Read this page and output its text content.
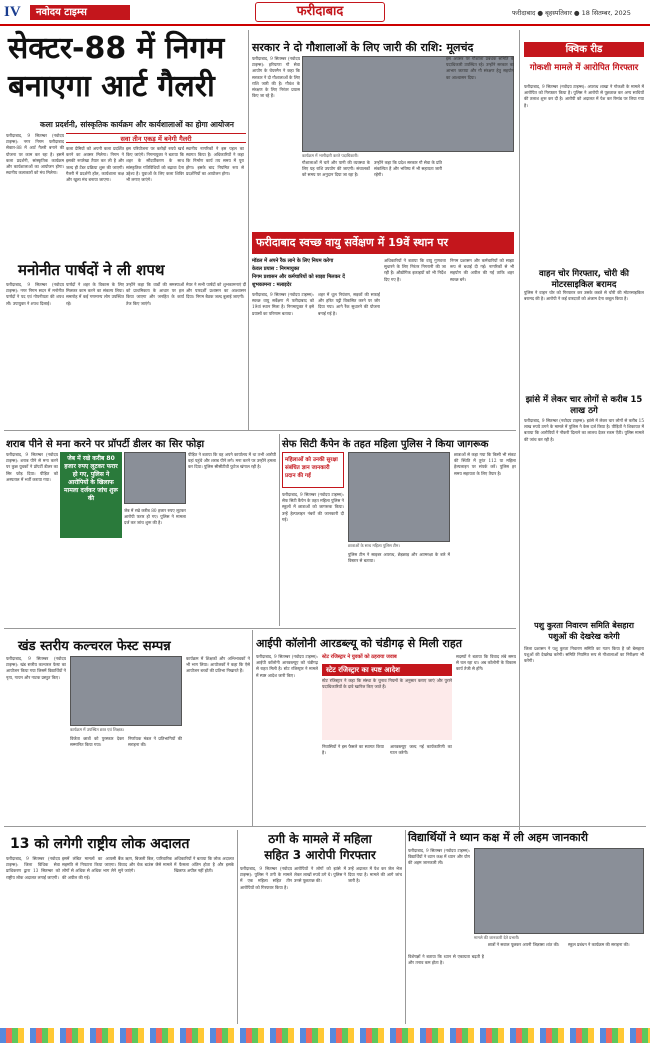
IV	नवोदय टाइम्स	फरीदाबाद	फरीदाबाद ● बृहस्पतिवार ● 18 सितम्बर, 2025
सेक्टर-88 में निगम
बनाएगा आर्ट गैलरी
कला प्रदर्शनी, सांस्कृतिक कार्यक्रम और कार्यशालाओं का होगा आयोजन
फरीदाबाद, 9 सितम्बर (नवोदय टाइम्स): नगर निगम फरीदाबाद सेक्टर-88 में आर्ट गैलरी बनाने की योजना पर काम कर रहा है। इसमें कला प्रदर्शनी, सांस्कृतिक कार्यक्रम और कार्यशालाओं का आयोजन होगा। स्थानीय कलाकारों को मंच मिलेगा।
सवा तीन एकड़ में बनेगी गैलरी
कला प्रेमियों को अपनी कला प्रदर्शित करने का अवसर मिलेगा। निगम ने इसकी रूपरेखा तैयार कर ली है और जल्द ही टेंडर प्रक्रिया शुरू की जाएगी। गैलरी में प्रदर्शनी हॉल, कार्यशाला कक्ष और खुला मंच बनाया जाएगा।
इस परियोजना पर करोड़ों रुपये खर्च किए जाएंगे। निगमायुक्त ने बताया कि शहर के सौंदर्यीकरण के साथ सांस्कृतिक गतिविधियों को बढ़ावा देना उद्देश्य है। युवाओं के लिए कला शिविर भी लगाए जाएंगे।
स्थानीय नागरिकों ने इस पहल का स्वागत किया है। अधिकारियों ने कहा कि निर्माण कार्य तय समय में पूरा होगा। इसके बाद नियमित रूप से प्रदर्शनियों का आयोजन होगा।
सरकार ने दो गौशालाओं के लिए जारी की राशि: मूलचंद
फरीदाबाद, 9 सितम्बर (नवोदय टाइम्स): हरियाणा गौ सेवा आयोग के चेयरमैन ने कहा कि सरकार ने दो गौशालाओं के लिए राशि जारी की है। गौवंश के संरक्षण के लिए निरंतर प्रयास किए जा रहे हैं।
कार्यक्रम में भागीदारी करते पदाधिकारी।
गौशालाओं में चारे और पानी की व्यवस्था के लिए यह राशि उपयोग की जाएगी। संचालकों को समय पर अनुदान दिया जा रहा है।
उन्होंने कहा कि प्रदेश सरकार गौ सेवा के प्रति संकल्पित है और भविष्य में भी सहायता जारी रहेगी।
इस अवसर पर गौशाला प्रबंधक समिति के पदाधिकारी उपस्थित रहे। उन्होंने सरकार का आभार जताया और गौ संरक्षण हेतु सहयोग का आश्वासन दिया।
क्विक रीड
गोकशी मामले में आरोपित गिरफ्तार
फरीदाबाद, 9 सितम्बर (नवोदय टाइम्स): अपराध शाखा ने गोकशी के मामले में आरोपित को गिरफ्तार किया है। पुलिस ने आरोपी से पूछताछ कर अन्य साथियों की तलाश शुरू कर दी है। आरोपी को अदालत में पेश कर रिमांड पर लिया गया है।
वाहन चोर गिरफ्तार, चोरी की मोटरसाइकिल बरामद
पुलिस ने वाहन चोर को गिरफ्तार कर उसके कब्जे से चोरी की मोटरसाइकिल बरामद की है। आरोपी ने कई वारदातों को अंजाम देना कबूल किया है।
झांसे में लेकर चार लोगों से करीब 15 लाख ठगे
फरीदाबाद, 9 सितम्बर (नवोदय टाइम्स): झांसे में लेकर चार लोगों से करीब 15 लाख रुपये ठगने के मामले में पुलिस ने केस दर्ज किया है। पीड़ितों ने शिकायत में बताया कि आरोपियों ने नौकरी दिलाने का लालच देकर रकम ऐंठी। पुलिस मामले की जांच कर रही है।
पशु कुरता निवारण समिति बेसहारा पशुओं की देखरेख करेगी
जिला प्रशासन ने पशु कुरता निवारण समिति का गठन किया है जो बेसहारा पशुओं की देखरेख करेगी। समिति नियमित रूप से गौशालाओं का निरीक्षण भी करेगी।
फरीदाबाद स्वच्छ वायु सर्वेक्षण में 19वें स्थान पर
मॉडल में अपने रैंक लाने के लिए नियम करेगा
केवल प्रयास : निगमायुक्त
निगम प्रशासन और कर्मचारियों को साझा मिलकर दें
शुभकामना : मलाइदेर
फरीदाबाद, 9 सितम्बर (नवोदय टाइम्स): स्वच्छ वायु सर्वेक्षण में फरीदाबाद को 19वां स्थान मिला है। निगमायुक्त ने इसे प्रयासों का परिणाम बताया।
शहर में धूल नियंत्रण, सड़कों की सफाई और हरित पट्टी विकसित करने पर जोर दिया गया। आगे रैंक सुधारने की योजना बनाई गई है।
अधिकारियों ने बताया कि वायु गुणवत्ता सुधारने के लिए निरंतर निगरानी की जा रही है। औद्योगिक इकाइयों को भी निर्देश दिए गए हैं।
निगम प्रशासन और कर्मचारियों को साझा रूप से बधाई दी गई। नागरिकों से भी सहयोग की अपील की गई ताकि शहर स्वच्छ बने।
मनोनीत पार्षदों ने ली शपथ
फरीदाबाद, 9 सितम्बर (नवोदय टाइम्स): नगर निगम सदन में मनोनीत पार्षदों ने पद एवं गोपनीयता की शपथ ली। उपायुक्त ने शपथ दिलाई।
पार्षदों ने शहर के विकास के लिए मिलकर काम करने का संकल्प लिया। समारोह में कई गणमान्य लोग उपस्थित रहे।
उन्होंने कहा कि वार्डों की समस्याओं को प्राथमिकता के आधार पर हल किया जाएगा और जनहित के कार्य तेज किए जाएंगे।
मेयर ने सभी पार्षदों को शुभकामनाएं दीं और पारदर्शी प्रशासन का आश्वासन दिया। निगम बैठक जल्द बुलाई जाएगी।
शराब पीने से मना करने पर प्रॉपर्टी डीलर का सिर फोड़ा
फरीदाबाद, 9 सितम्बर (नवोदय टाइम्स): शराब पीने से मना करने पर कुछ युवकों ने प्रॉपर्टी डीलर का सिर फोड़ दिया। पीड़ित को अस्पताल में भर्ती कराया गया।
जेब में रखे करीब 80 हजार रुपए लूटकर फरार हो गए, पुलिस ने आरोपियों के खिलाफ मामला दर्जकर जांच शुरू की
जेब में रखे करीब 80 हजार रुपए लूटकर आरोपी फरार हो गए। पुलिस ने मामला दर्ज कर जांच शुरू की है।
पीड़ित ने बताया कि वह अपने कार्यालय में था तभी आरोपी वहां पहुंचे और शराब पीने लगे। मना करने पर उन्होंने हमला कर दिया। पुलिस सीसीटीवी फुटेज खंगाल रही है।
सेफ सिटी कैंपेन के तहत महिला पुलिस ने किया जागरूक
महिलाओं को उनकी सुरक्षा संबंधित ज्ञान जानकारी प्रदान की गई
फरीदाबाद, 9 सितम्बर (नवोदय टाइम्स): सेफ सिटी कैंपेन के तहत महिला पुलिस ने स्कूलों में छात्राओं को जागरूक किया। उन्हें हेल्पलाइन नंबरों की जानकारी दी गई।
छात्राओं के साथ महिला पुलिस टीम।
पुलिस टीम ने साइबर अपराध, छेड़छाड़ और आत्मरक्षा के बारे में विस्तार से बताया।
छात्राओं से कहा गया कि किसी भी संकट की स्थिति में तुरंत 112 या महिला हेल्पलाइन पर संपर्क करें। पुलिस हर समय सहायता के लिए तैयार है।
खंड स्तरीय कल्चरल फेस्ट सम्पन्न
फरीदाबाद, 9 सितम्बर (नवोदय टाइम्स): खंड स्तरीय कल्चरल फेस्ट का आयोजन किया गया जिसमें विद्यार्थियों ने नृत्य, गायन और नाटक प्रस्तुत किए।
कार्यक्रम में उपस्थित छात्र एवं शिक्षक।
विजेता छात्रों को पुरस्कार देकर सम्मानित किया गया।
निर्णायक मंडल ने प्रतिभागियों की सराहना की।
कार्यक्रम में शिक्षकों और अभिभावकों ने भी भाग लिया। आयोजकों ने कहा कि ऐसे आयोजन बच्चों की प्रतिभा निखारते हैं।
आईपी कॉलोनी आरडब्ल्यू को चंडीगढ़ से मिली राहत
फरीदाबाद, 9 सितम्बर (नवोदय टाइम्स): आईपी कॉलोनी आरडब्ल्यूए को चंडीगढ़ से राहत मिली है। स्टेट रजिस्ट्रार ने मामले में स्पष्ट आदेश जारी किए।
स्टेट रजिस्ट्रार ने युवकों को ठहराया जवाब
स्टेट रजिस्ट्रार का स्पष्ट आदेश
स्टेट रजिस्ट्रार ने कहा कि संस्था के चुनाव नियमों के अनुसार कराए जाएं और पुराने पदाधिकारियों के दावे खारिज किए जाते हैं।
निवासियों ने इस फैसले का स्वागत किया है।
आरडब्ल्यूए जल्द नई कार्यकारिणी का गठन करेगी।
सदस्यों ने बताया कि विवाद लंबे समय से चल रहा था। अब कॉलोनी के विकास कार्य तेजी से होंगे।
13 को लगेगी राष्ट्रीय लोक अदालत
फरीदाबाद, 9 सितम्बर (नवोदय टाइम्स): जिला विधिक सेवा प्राधिकरण द्वारा 13 सितम्बर को राष्ट्रीय लोक अदालत लगाई जाएगी।
इसमें लंबित मामलों का आपसी सहमति से निपटारा किया जाएगा। लोगों से अधिक से अधिक भाग लेने की अपील की गई।
बैंक ऋण, बिजली बिल, पारिवारिक विवाद और चेक बाउंस जैसे मामले सुने जाएंगे।
अधिकारियों ने बताया कि लोक अदालत में फैसला अंतिम होता है और इसके खिलाफ अपील नहीं होती।
ठगी के मामले में महिला
सहित 3 आरोपी गिरफ्तार
फरीदाबाद, 9 सितम्बर (नवोदय टाइम्स): पुलिस ने ठगी के मामले में एक महिला सहित तीन आरोपियों को गिरफ्तार किया है।
आरोपियों ने लोगों को झांसे में लेकर लाखों रुपये ठगे थे। पुलिस ने उनसे पूछताछ की।
उन्हें अदालत में पेश कर जेल भेज दिया गया है। मामले की आगे जांच जारी है।
विद्यार्थियों ने ध्यान कक्ष में ली अहम जानकारी
फरीदाबाद, 9 सितम्बर (नवोदय टाइम्स): विद्यार्थियों ने ध्यान कक्ष में ध्यान और योग की अहम जानकारी ली।
मामले की जानकारी देते प्रभारी।
विशेषज्ञों ने बताया कि ध्यान से एकाग्रता बढ़ती है और तनाव कम होता है।
छात्रों ने सवाल पूछकर अपनी जिज्ञासा शांत की।	स्कूल प्रबंधन ने कार्यक्रम की सराहना की।
